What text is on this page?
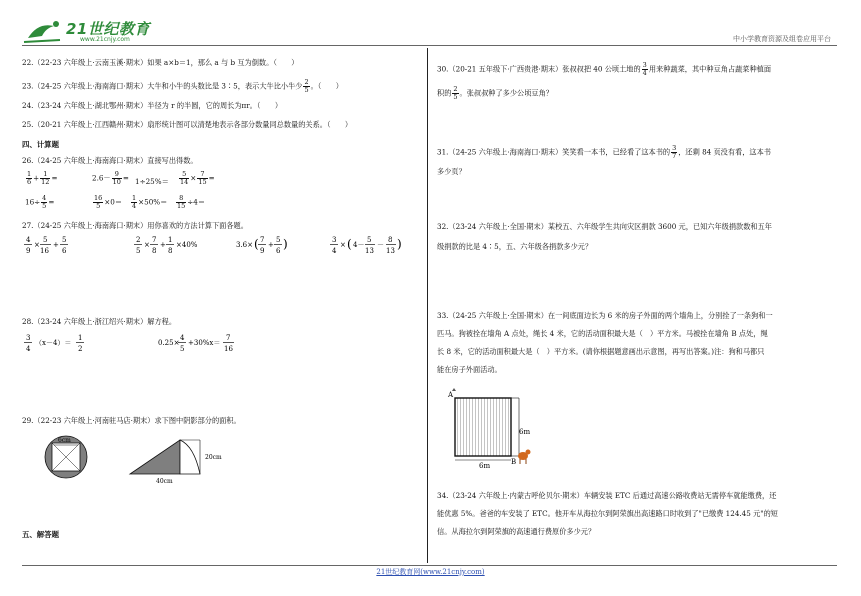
21世纪教育
www.21cnjy.com	中小学教育资源及组卷应用平台
22.（22-23 六年级上·云南玉溪·期末）如果 a×b＝1，那么 a 与 b 互为倒数。（　　）
23.（24-25 六年级上·海南海口·期末）大牛和小牛的头数比是 3∶5，表示大牛比小牛少 $\frac{2}{5}$ 。（　　）
24.（23-24 六年级上·湖北鄂州·期末）半径为 r 的半圆，它的周长为πr。（　　）
25.（20-21 六年级上·江西赣州·期末）扇形统计图可以清楚地表示各部分数量同总数量的关系。（　　）
四、计算题
26.（24-25 六年级上·海南海口·期末）直接写出得数。
$\frac{1}{6} + \frac{1}{12}$ =	$2.6- \frac{9}{10} = 1\div 25\%= \frac{5}{14} \times \frac{7}{15}$ =
$16\div \frac{4}{5}$ =	$\frac{16}{5} \times 0= \frac{1}{4} \times 50\%= \frac{8}{15} \div 4=$
27.（24-25 六年级上·海南海口·期末）用你喜欢的方法计算下面各题。
4
9
×
5
16
+
5
6
2
5
×
7
8
+
1
8
×40%	3.6× ( 7
9
+
5
6 )	3
4
× ( 4－
5
13
－
8
13 )
28.（23-24 六年级上·浙江绍兴·期末）解方程。
3
4
（x－4）＝
1
2
0.25×
4
5
+30%x＝
7
16
29.（22-23 六年级上·河南驻马店·期末）求下图中阴影部分的面积。
6cm
20cm
40cm
五、解答题
30.（20-21 五年级下·广西贵港·期末）张叔叔把 40 公顷土地的 $\frac{3}{4}$ 用来种蔬菜，其中种豆角占蔬菜种植面
积的 $\frac{2}{5}$ 。张叔叔种了多少公顷豆角？
31.（24-25 六年级上·海南海口·期末）笑笑看一本书，已经看了这本书的 $\frac{3}{7}$ ，还剩 84 页没有看，这本书
多少页？
32.（23-24 六年级上·全国·期末）某校五、六年级学生共向灾区捐款 3600 元，已知六年级捐款数和五年
级捐款的比是 4∶5，五、六年级各捐款多少元？
33.（24-25 六年级上·全国·期末）在一间底面边长为 6 米的房子外面的两个墙角上，分别拴了一条狗和一
匹马。狗被拴在墙角 A 点处，绳长 4 米，它的活动面积最大是（　）平方米。马被拴在墙角 B 点处，绳
长 8 米，它的活动面积最大是（　）平方米。(请你根据题意画出示意图，再写出答案。)注：狗和马都只
能在房子外面活动。
6m
6m
A
B
34.（23-24 六年级上·内蒙古呼伦贝尔·期末）车辆安装 ETC 后通过高速公路收费站无需停车就能缴费，还
能优惠 5%。爸爸的车安装了 ETC。他开车从海拉尔到阿荣旗出高速路口时收到了"已缴费 124.45 元"的短
信。从海拉尔到阿荣旗的高速通行费原价多少元？
21世纪教育网(www.21cnjy.com)
